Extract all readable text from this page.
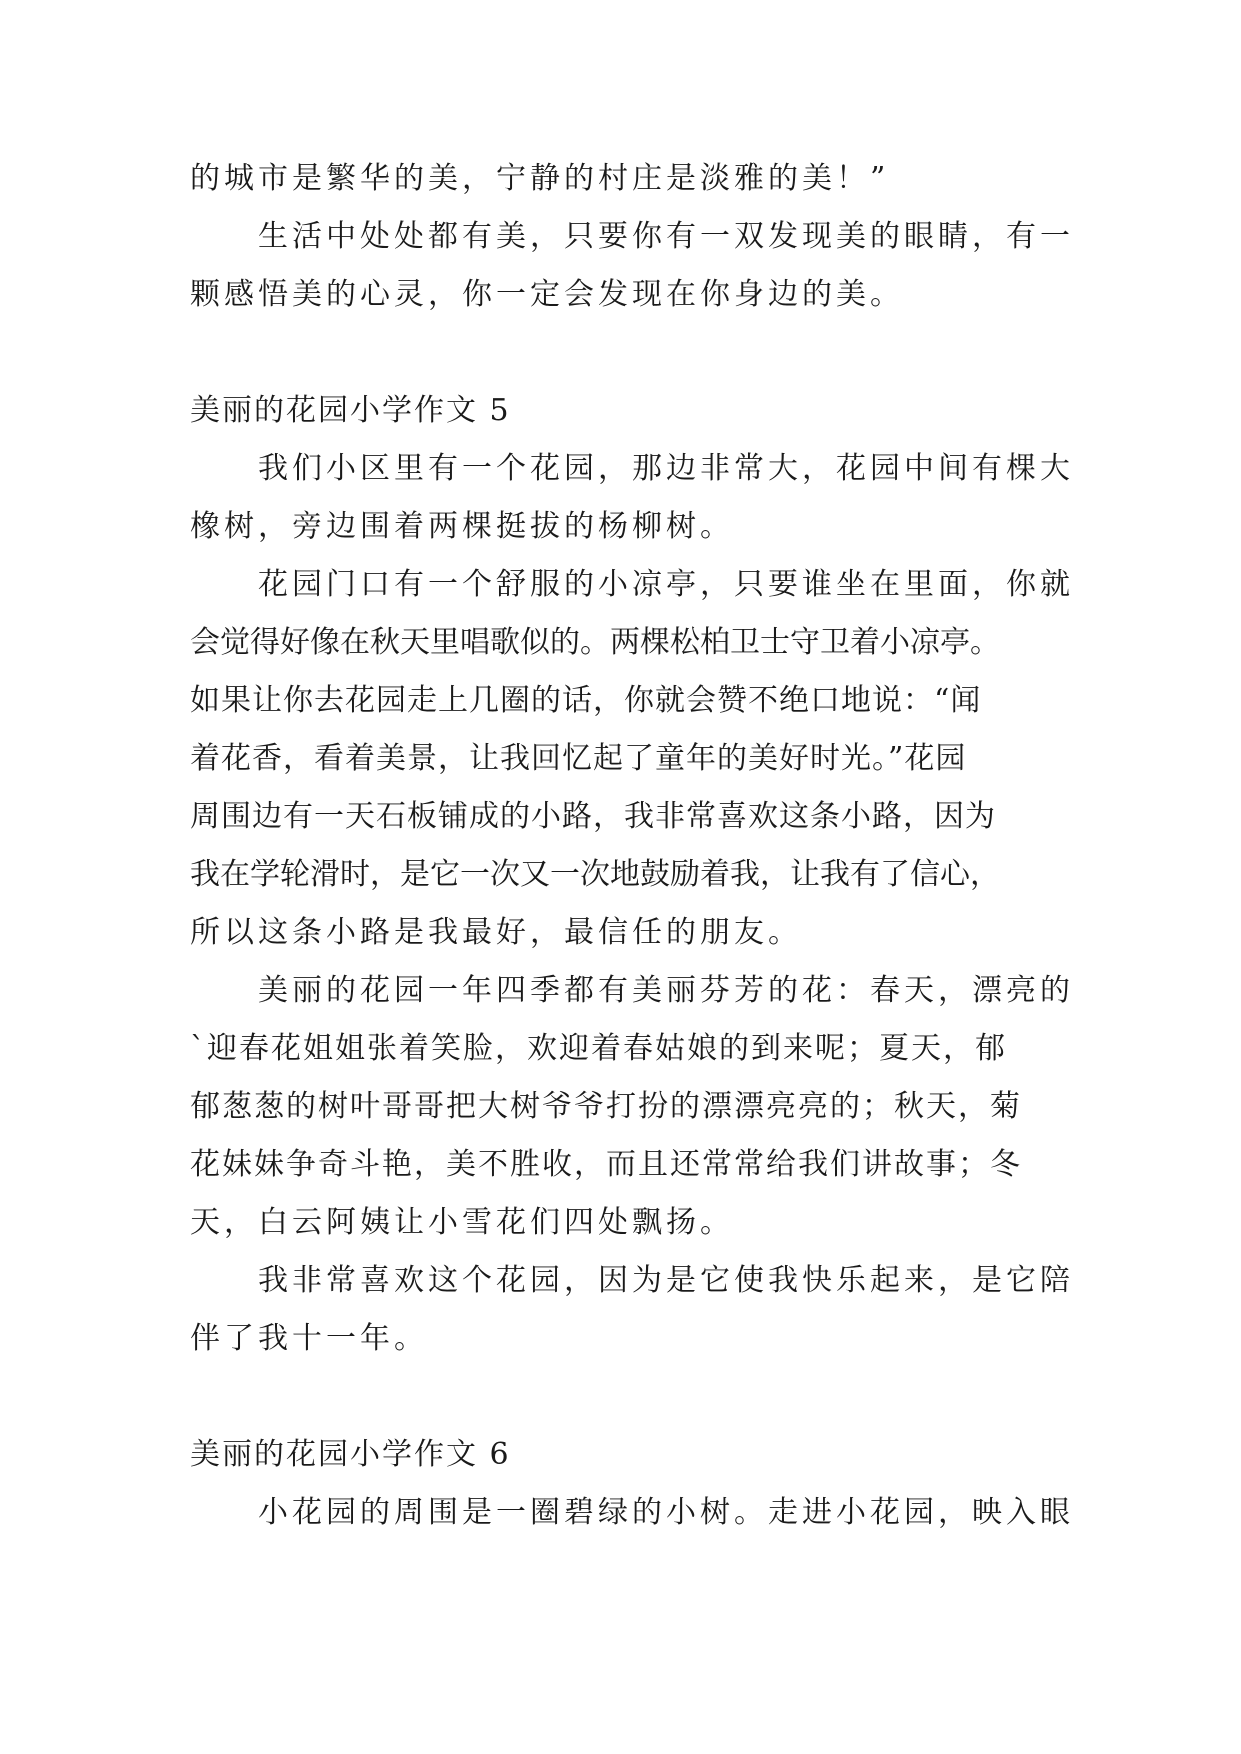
的城市是繁华的美，宁静的村庄是淡雅的美！”
生活中处处都有美，只要你有一双发现美的眼睛，有一
颗感悟美的心灵，你一定会发现在你身边的美。
美丽的花园小学作文 5
我们小区里有一个花园，那边非常大，花园中间有棵大
橡树，旁边围着两棵挺拔的杨柳树。
花园门口有一个舒服的小凉亭，只要谁坐在里面，你就
会觉得好像在秋天里唱歌似的。两棵松柏卫士守卫着小凉亭。
如果让你去花园走上几圈的话，你就会赞不绝口地说：“闻
着花香，看着美景，让我回忆起了童年的美好时光。”花园
周围边有一天石板铺成的小路，我非常喜欢这条小路，因为
我在学轮滑时，是它一次又一次地鼓励着我，让我有了信心，
所以这条小路是我最好，最信任的朋友。
美丽的花园一年四季都有美丽芬芳的花：春天，漂亮的
`迎春花姐姐张着笑脸，欢迎着春姑娘的到来呢；夏天，郁
郁葱葱的树叶哥哥把大树爷爷打扮的漂漂亮亮的；秋天，菊
花妹妹争奇斗艳，美不胜收，而且还常常给我们讲故事；冬
天，白云阿姨让小雪花们四处飘扬。
我非常喜欢这个花园，因为是它使我快乐起来，是它陪
伴了我十一年。
美丽的花园小学作文 6
小花园的周围是一圈碧绿的小树。走进小花园，映入眼
